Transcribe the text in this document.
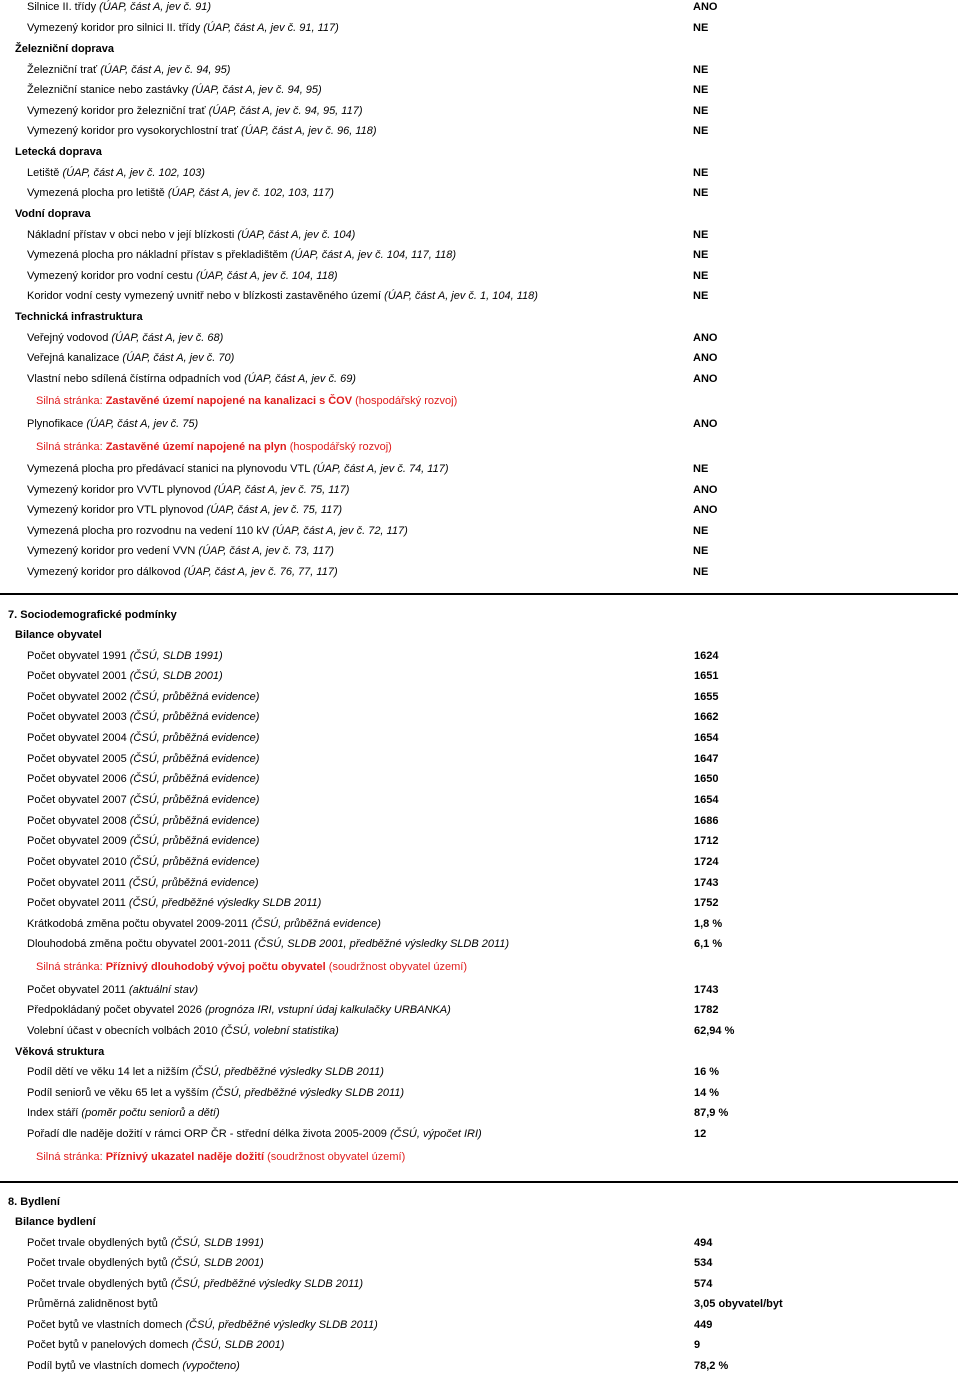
Silnice II. třídy (ÚAP, část A, jev č. 91)	ANO
Vymezený koridor pro silnici II. třídy (ÚAP, část A, jev č. 91, 117)	NE
Železniční doprava
Železniční trať (ÚAP, část A, jev č. 94, 95)	NE
Železniční stanice nebo zastávky (ÚAP, část A, jev č. 94, 95)	NE
Vymezený koridor pro železniční trať (ÚAP, část A, jev č. 94, 95, 117)	NE
Vymezený koridor pro vysokorychlostní trať (ÚAP, část A, jev č. 96, 118)	NE
Letecká doprava
Letiště (ÚAP, část A, jev č. 102, 103)	NE
Vymezená plocha pro letiště (ÚAP, část A, jev č. 102, 103, 117)	NE
Vodní doprava
Nákladní přístav v obci nebo v její blízkosti (ÚAP, část A, jev č. 104)	NE
Vymezená plocha pro nákladní přístav s překladištěm (ÚAP, část A, jev č. 104, 117, 118)	NE
Vymezený koridor pro vodní cestu (ÚAP, část A, jev č. 104, 118)	NE
Koridor vodní cesty vymezený uvnitř nebo v blízkosti zastavěného území (ÚAP, část A, jev č. 1, 104, 118)	NE
Technická infrastruktura
Veřejný vodovod (ÚAP, část A, jev č. 68)	ANO
Veřejná kanalizace (ÚAP, část A, jev č. 70)	ANO
Vlastní nebo sdílená čístírna odpadních vod (ÚAP, část A, jev č. 69)	ANO
Silná stránka: Zastavěné území napojené na kanalizaci s ČOV (hospodářský rozvoj)
Plynofikace (ÚAP, část A, jev č. 75)	ANO
Silná stránka: Zastavěné území napojené na plyn (hospodářský rozvoj)
Vymezená plocha pro předávací stanici na plynovodu VTL (ÚAP, část A, jev č. 74, 117)	NE
Vymezený koridor pro VVTL plynovod (ÚAP, část A, jev č. 75, 117)	ANO
Vymezený koridor pro VTL plynovod (ÚAP, část A, jev č. 75, 117)	ANO
Vymezená plocha pro rozvodnu na vedení 110 kV (ÚAP, část A, jev č. 72, 117)	NE
Vymezený koridor pro vedení VVN (ÚAP, část A, jev č. 73, 117)	NE
Vymezený koridor pro dálkovod (ÚAP, část A, jev č. 76, 77, 117)	NE
7. Sociodemografické podmínky
Bilance obyvatel
Počet obyvatel 1991 (ČSÚ, SLDB 1991)	1624
Počet obyvatel 2001 (ČSÚ, SLDB 2001)	1651
Počet obyvatel 2002 (ČSÚ, průběžná evidence)	1655
Počet obyvatel 2003 (ČSÚ, průběžná evidence)	1662
Počet obyvatel 2004 (ČSÚ, průběžná evidence)	1654
Počet obyvatel 2005 (ČSÚ, průběžná evidence)	1647
Počet obyvatel 2006 (ČSÚ, průběžná evidence)	1650
Počet obyvatel 2007 (ČSÚ, průběžná evidence)	1654
Počet obyvatel 2008 (ČSÚ, průběžná evidence)	1686
Počet obyvatel 2009 (ČSÚ, průběžná evidence)	1712
Počet obyvatel 2010 (ČSÚ, průběžná evidence)	1724
Počet obyvatel 2011 (ČSÚ, průběžná evidence)	1743
Počet obyvatel 2011 (ČSÚ, předběžné výsledky SLDB 2011)	1752
Krátkodobá změna počtu obyvatel 2009-2011 (ČSÚ, průběžná evidence)	1,8 %
Dlouhodobá změna počtu obyvatel 2001-2011 (ČSÚ, SLDB 2001, předběžné výsledky SLDB 2011)	6,1 %
Silná stránka: Příznivý dlouhodobý vývoj počtu obyvatel (soudržnost obyvatel území)
Počet obyvatel 2011 (aktuální stav)	1743
Předpokládaný počet obyvatel 2026 (prognóza IRI, vstupní údaj kalkulačky URBANKA)	1782
Volební účast v obecních volbách 2010 (ČSÚ, volební statistika)	62,94 %
Věková struktura
Podíl dětí ve věku 14 let a nižším (ČSÚ, předběžné výsledky SLDB 2011)	16 %
Podíl seniorů ve věku 65 let a vyšším (ČSÚ, předběžné výsledky SLDB 2011)	14 %
Index stáří (poměr počtu seniorů a dětí)	87,9 %
Pořadí dle naděje dožití v rámci ORP ČR - střední délka života 2005-2009 (ČSÚ, výpočet IRI)	12
Silná stránka: Příznivý ukazatel naděje dožití (soudržnost obyvatel území)
8. Bydlení
Bilance bydlení
Počet trvale obydlených bytů (ČSÚ, SLDB 1991)	494
Počet trvale obydlených bytů (ČSÚ, SLDB 2001)	534
Počet trvale obydlených bytů (ČSÚ, předběžné výsledky SLDB 2011)	574
Průměrná zalidněnost bytů	3,05 obyvatel/byt
Počet bytů ve vlastních domech (ČSÚ, předběžné výsledky SLDB 2011)	449
Počet bytů v panelových domech (ČSÚ, SLDB 2001)	9
Podíl bytů ve vlastních domech (vypočteno)	78,2 %
